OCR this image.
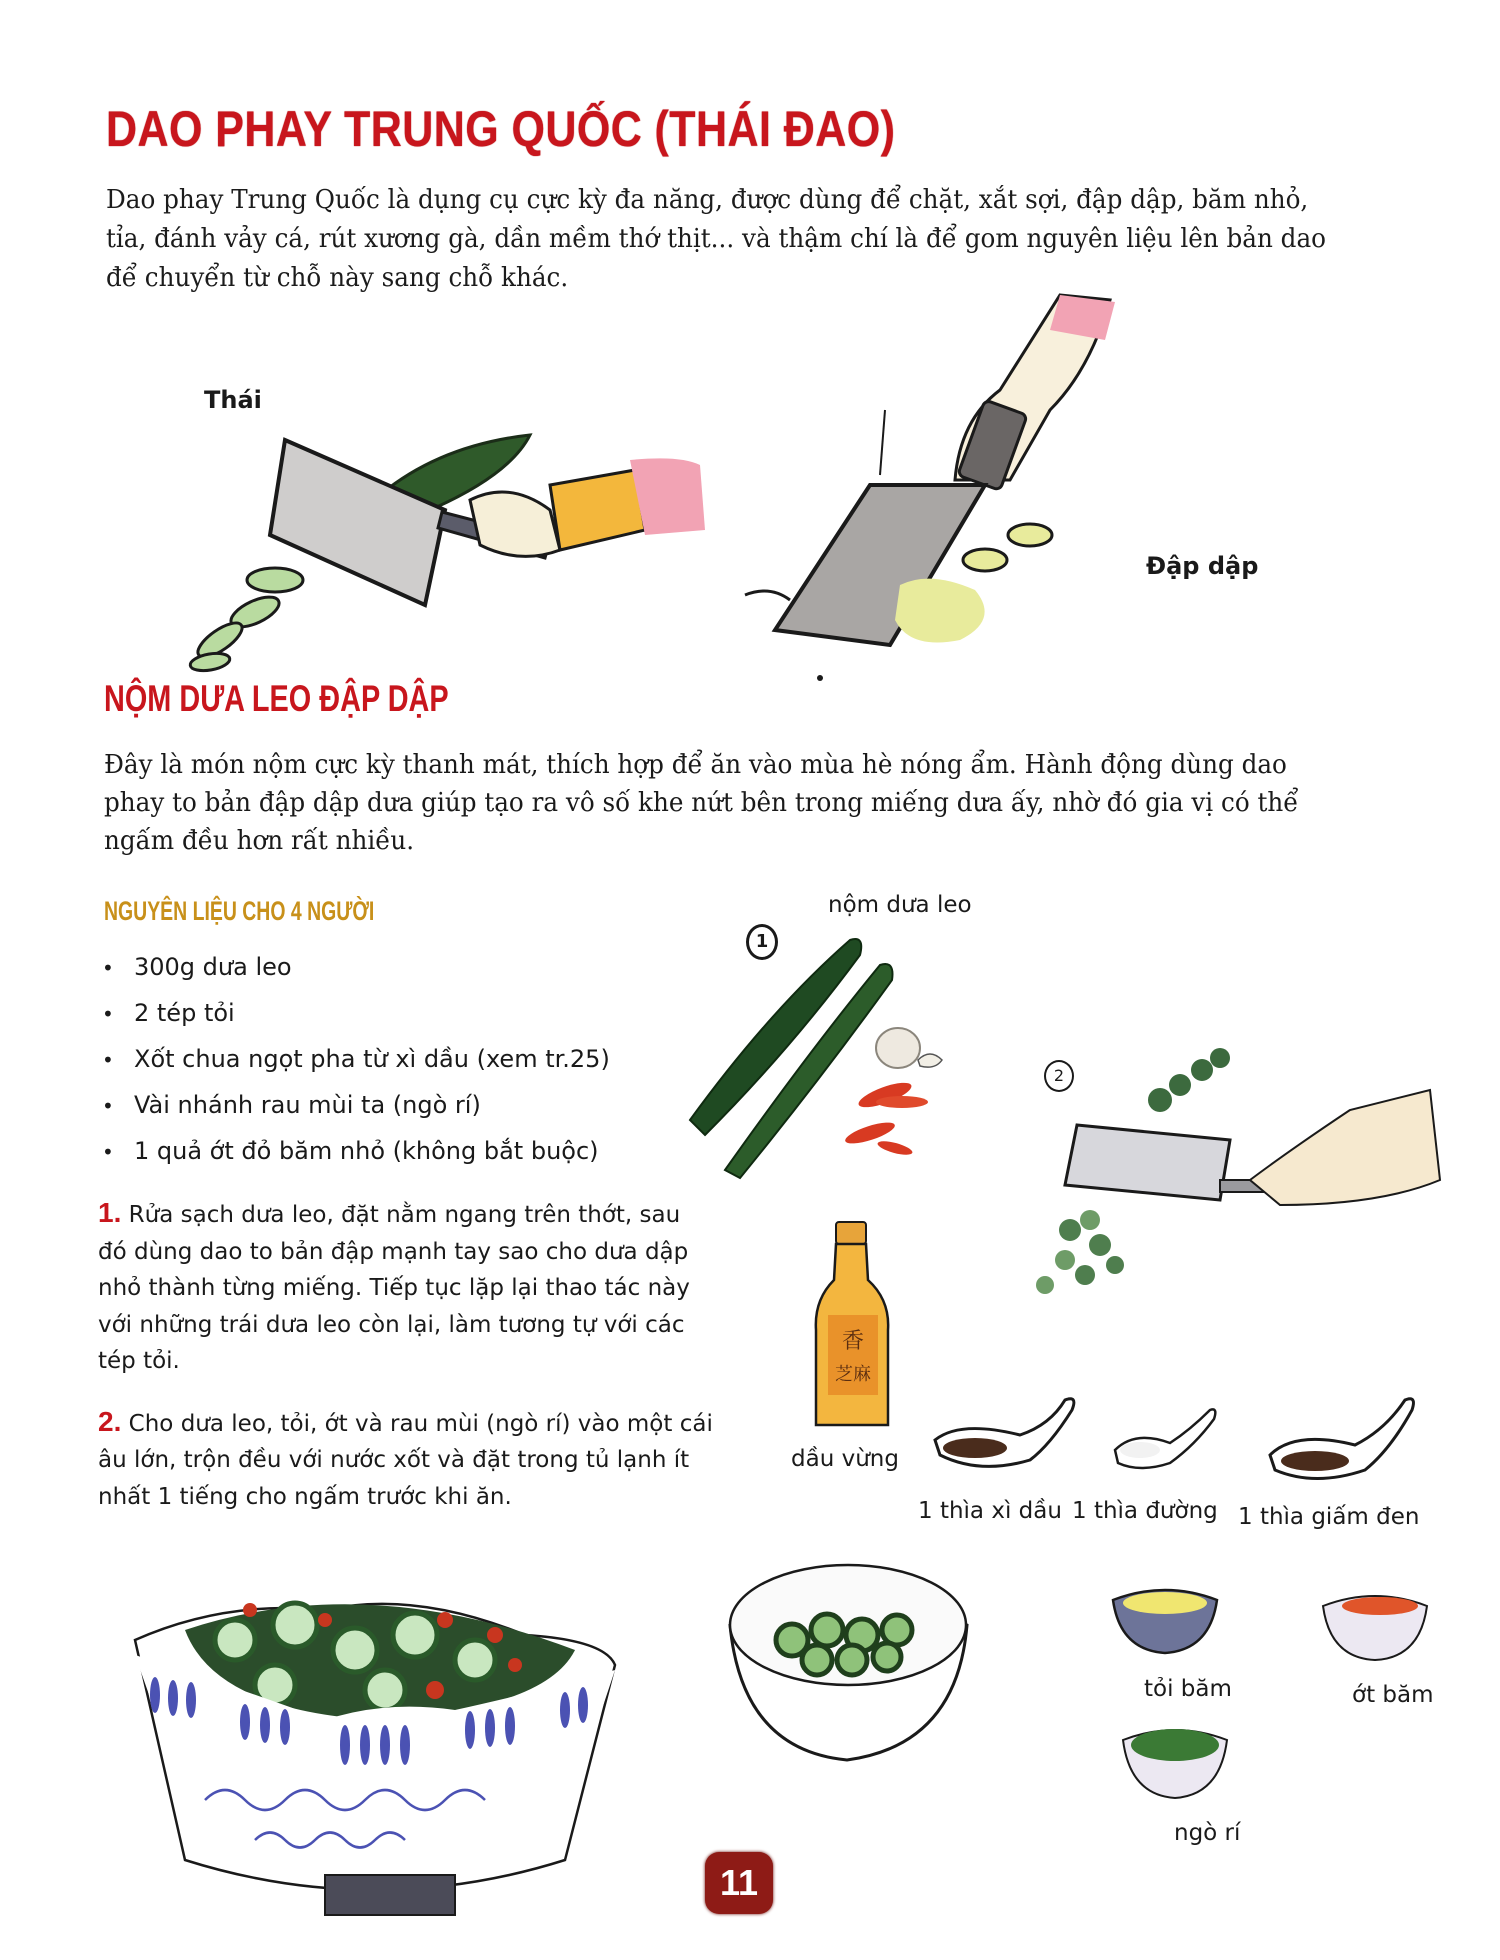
DAO PHAY TRUNG QUỐC (THÁI ĐAO)
Dao phay Trung Quốc là dụng cụ cực kỳ đa năng, được dùng để chặt, xắt sợi, đập dập, băm nhỏ,
tỉa, đánh vảy cá, rút xương gà, dần mềm thớ thịt... và thậm chí là để gom nguyên liệu lên bản dao
để chuyển từ chỗ này sang chỗ khác.
Thái
Đập dập
NỘM DƯA LEO ĐẬP DẬP
Đây là món nộm cực kỳ thanh mát, thích hợp để ăn vào mùa hè nóng ẩm. Hành động dùng dao
phay to bản đập dập dưa giúp tạo ra vô số khe nứt bên trong miếng dưa ấy, nhờ đó gia vị có thể
ngấm đều hơn rất nhiều.
NGUYÊN LIỆU CHO 4 NGƯỜI
• 300g dưa leo
• 2 tép tỏi
• Xốt chua ngọt pha từ xì dầu (xem tr.25)
• Vài nhánh rau mùi ta (ngò rí)
• 1 quả ớt đỏ băm nhỏ (không bắt buộc)
1. Rửa sạch dưa leo, đặt nằm ngang trên thớt, sau
đó dùng dao to bản đập mạnh tay sao cho dưa dập
nhỏ thành từng miếng. Tiếp tục lặp lại thao tác này
với những trái dưa leo còn lại, làm tương tự với các
tép tỏi.
2. Cho dưa leo, tỏi, ớt và rau mùi (ngò rí) vào một cái
âu lớn, trộn đều với nước xốt và đặt trong tủ lạnh ít
nhất 1 tiếng cho ngấm trước khi ăn.
nộm dưa leo
1
2
香
芝麻
dầu vừng
1 thìa xì dầu 1 thìa đường 1 thìa giấm đen
tỏi băm	ớt băm
ngò rí
11
